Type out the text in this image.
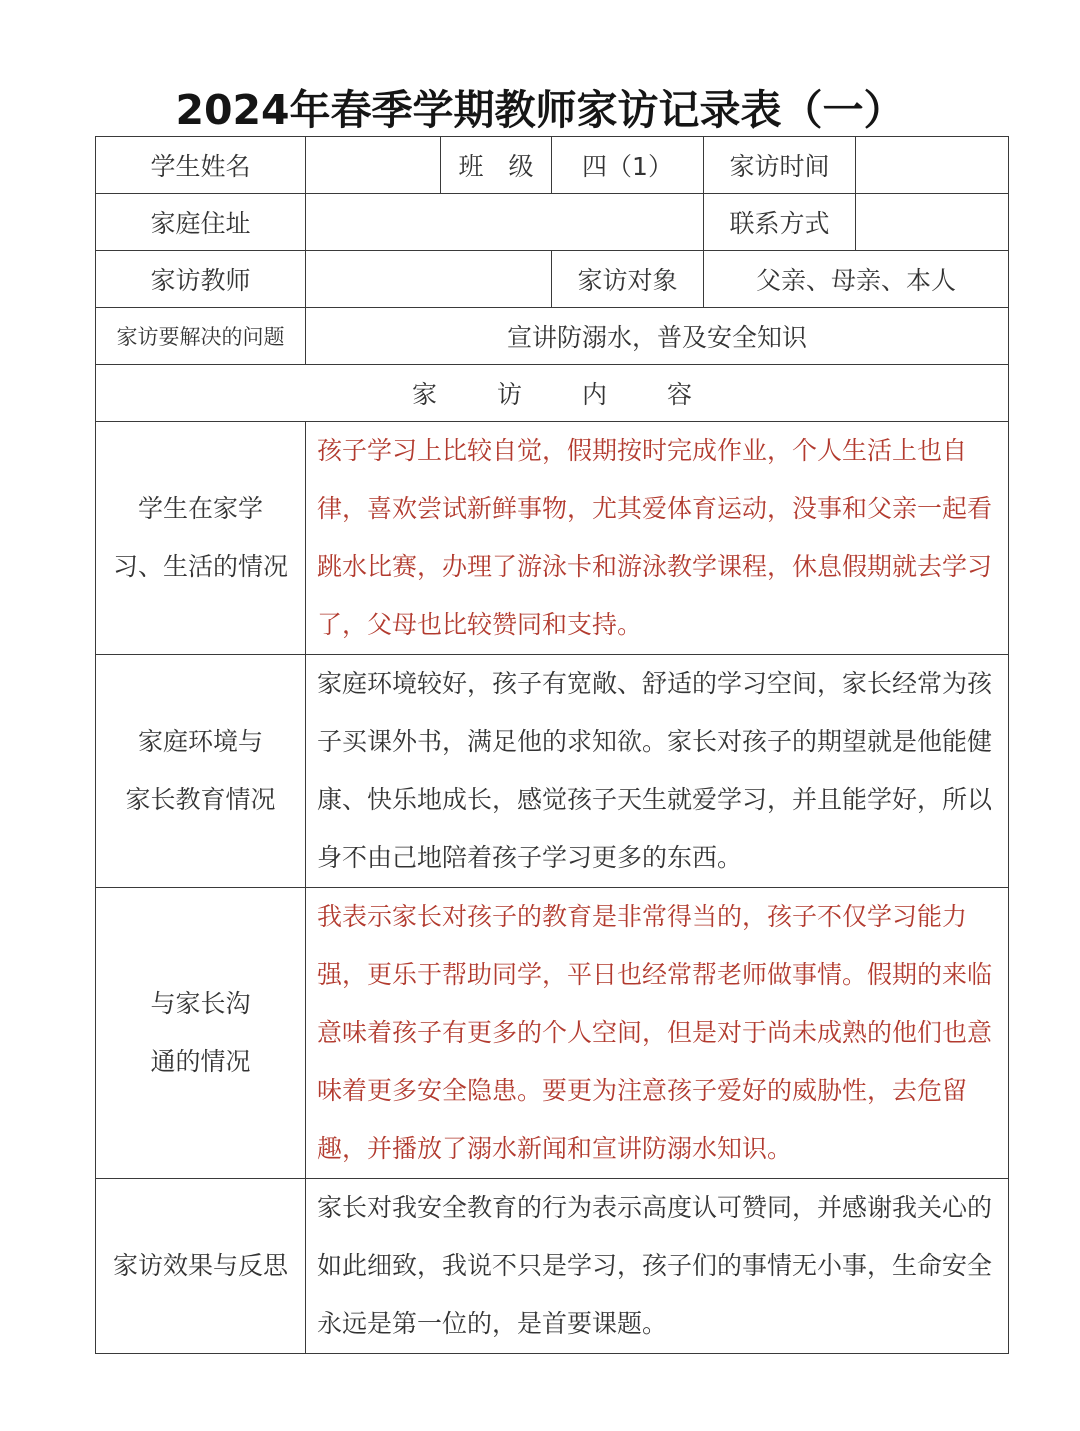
2024年春季学期教师家访记录表（一）
学生姓名		班　级	四（1）	家访时间	
家庭住址				联系方式	
家访教师			家访对象	父亲、母亲、本人	
家访要解决的问题	宣讲防溺水，普及安全知识				
家 访 内 容					

学生在家学
习、生活的情况	孩子学习上比较自觉，假期按时完成作业，个人生活上也自律，喜欢尝试新鲜事物，尤其爱体育运动，没事和父亲一起看跳水比赛，办理了游泳卡和游泳教学课程，休息假期就去学习了，父母也比较赞同和支持。				

家庭环境与
家长教育情况	家庭环境较好，孩子有宽敞、舒适的学习空间，家长经常为孩子买课外书，满足他的求知欲。家长对孩子的期望就是他能健康、快乐地成长，感觉孩子天生就爱学习，并且能学好，所以身不由己地陪着孩子学习更多的东西。				

与家长沟
通的情况	我表示家长对孩子的教育是非常得当的，孩子不仅学习能力强，更乐于帮助同学，平日也经常帮老师做事情。假期的来临意味着孩子有更多的个人空间，但是对于尚未成熟的他们也意味着更多安全隐患。要更为注意孩子爱好的威胁性，去危留趣，并播放了溺水新闻和宣讲防溺水知识。				

家访效果与反思	家长对我安全教育的行为表示高度认可赞同，并感谢我关心的如此细致，我说不只是学习，孩子们的事情无小事，生命安全永远是第一位的，是首要课题。				
